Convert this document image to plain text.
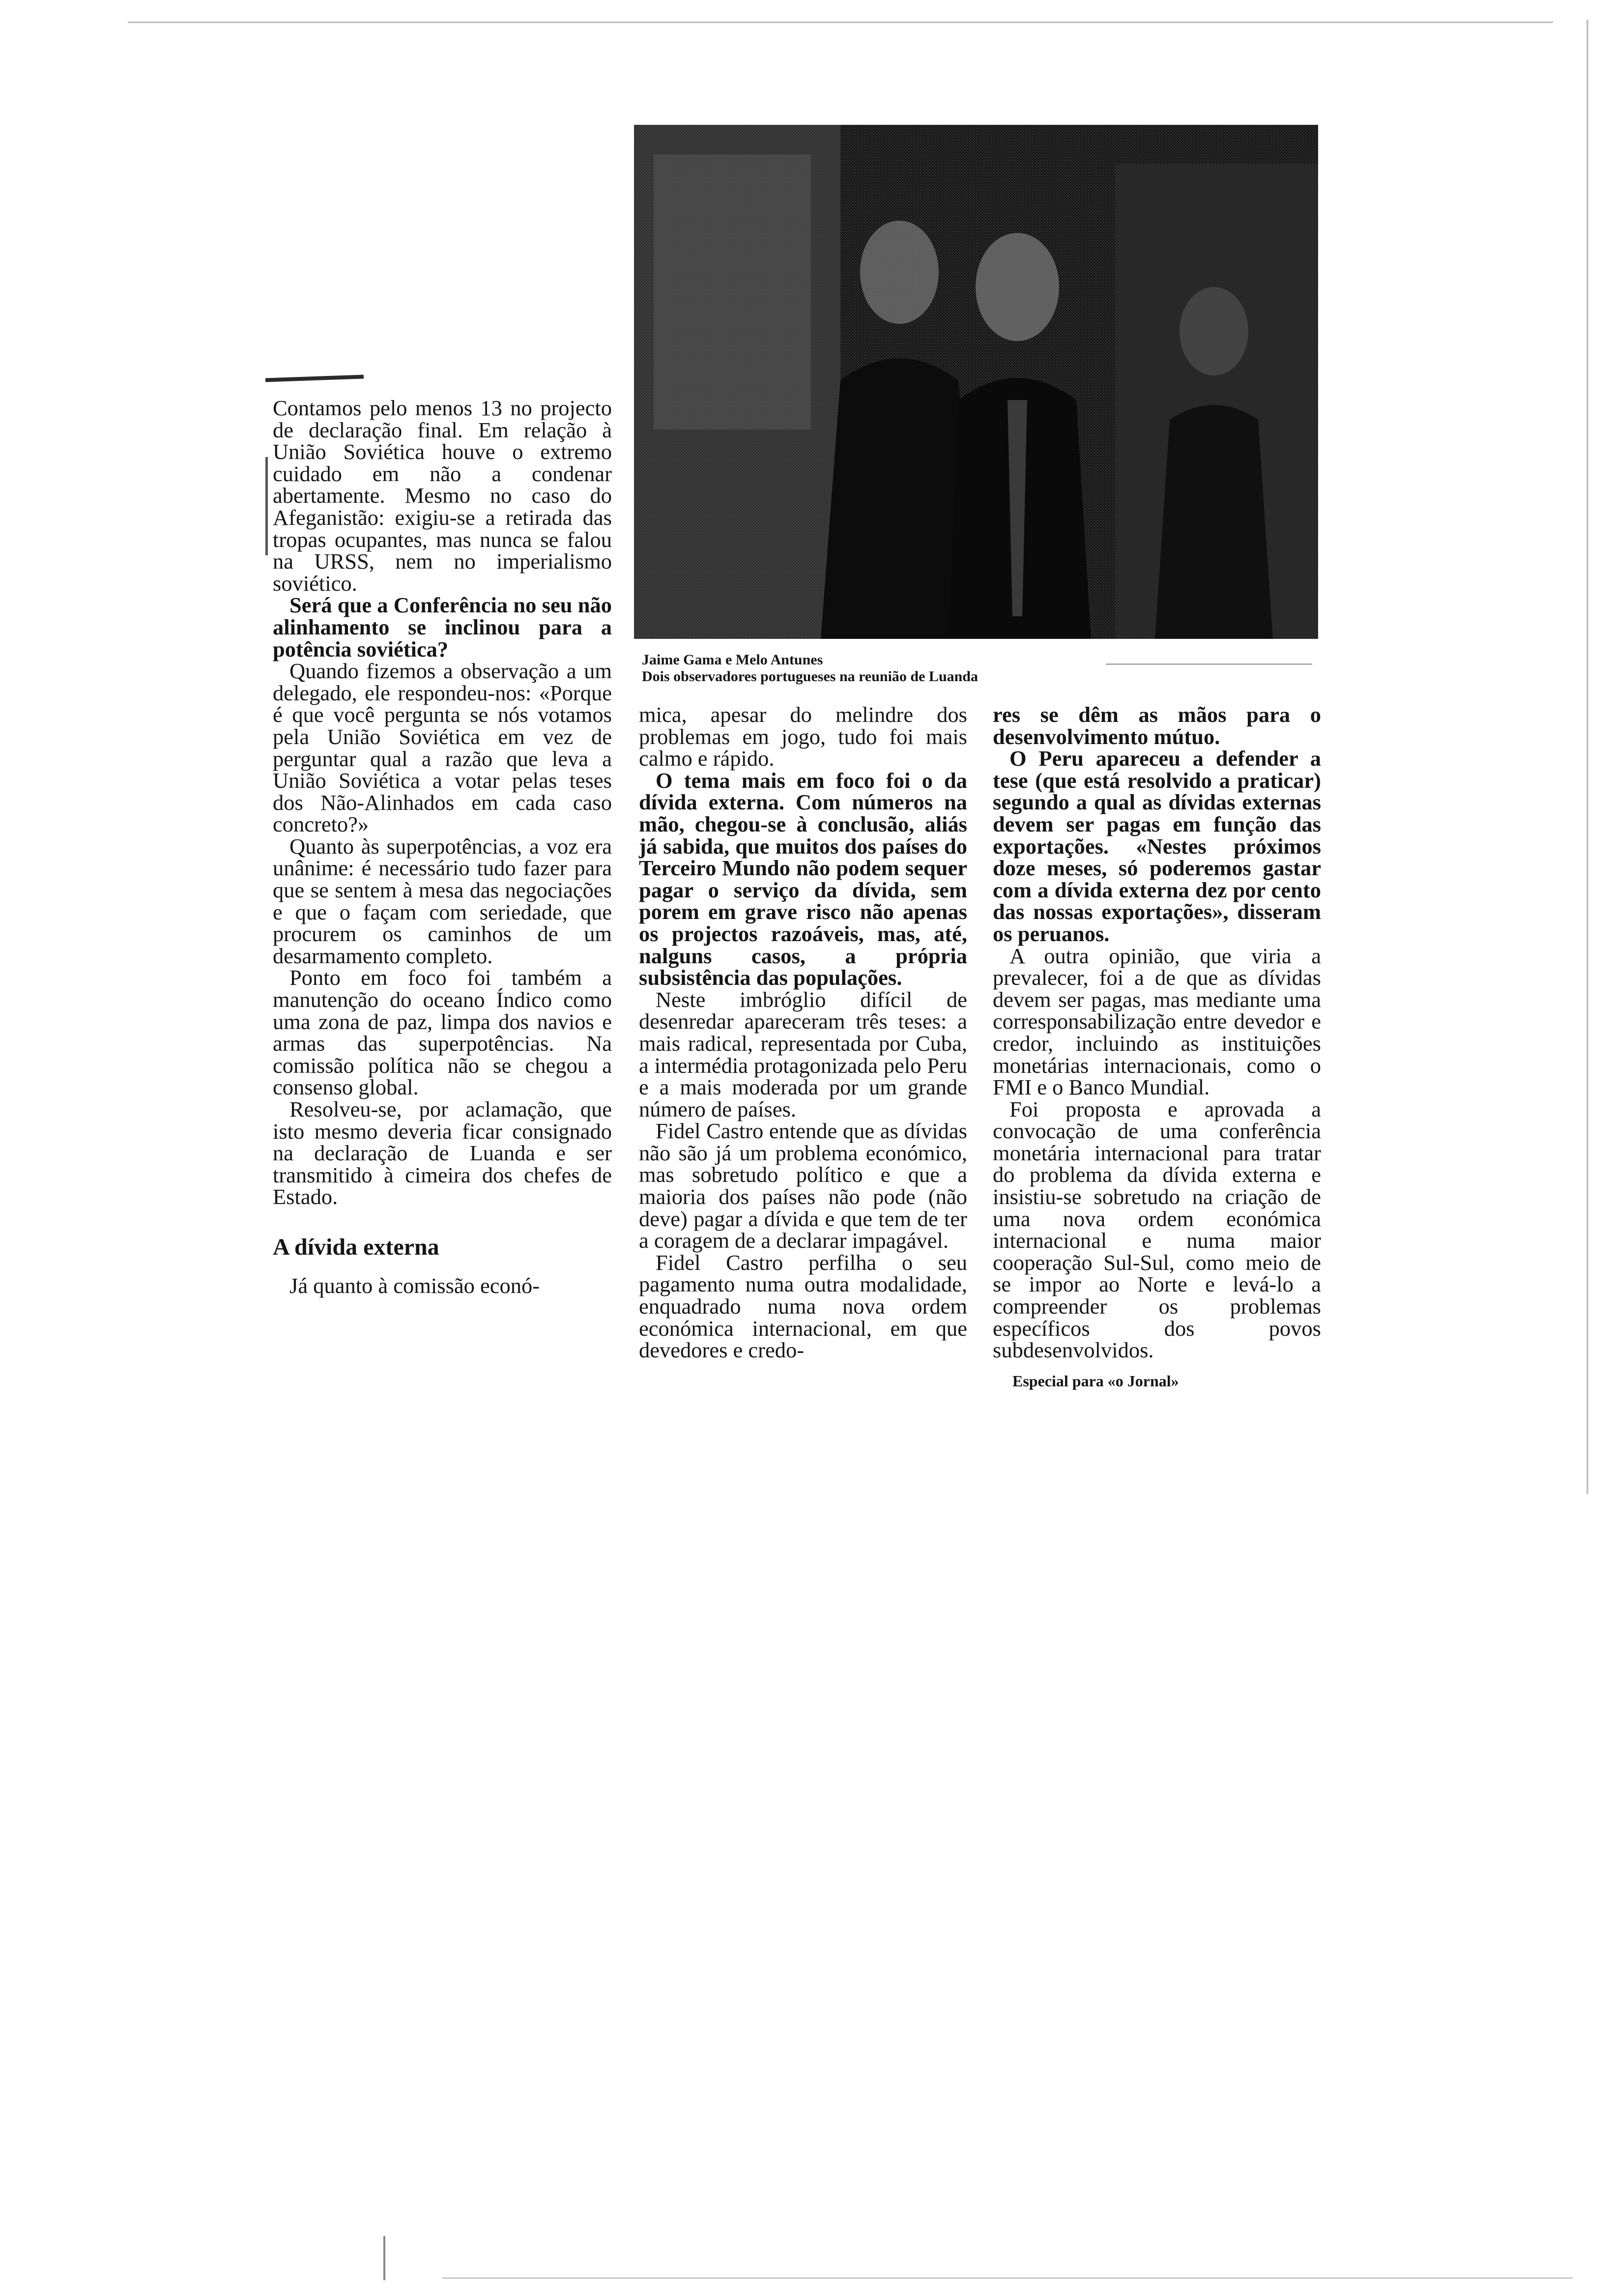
Contamos pelo menos 13 no projecto de declaração final. Em relação à União Soviética houve o extremo cuidado em não a condenar abertamente. Mesmo no caso do Afeganistão: exigiu-se a retirada das tropas ocupantes, mas nunca se falou na URSS, nem no imperialismo soviético.

Será que a Conferência no seu não alinhamento se inclinou para a potência soviética?

Quando fizemos a observação a um delegado, ele respondeu-nos: «Porque é que você pergunta se nós votamos pela União Soviética em vez de perguntar qual a razão que leva a União Soviética a votar pelas teses dos Não-Alinhados em cada caso concreto?»

Quanto às superpotências, a voz era unânime: é necessário tudo fazer para que se sentem à mesa das negociações e que o façam com seriedade, que procurem os caminhos de um desarmamento completo.

Ponto em foco foi também a manutenção do oceano Índico como uma zona de paz, limpa dos navios e armas das superpotências. Na comissão política não se chegou a consenso global.

Resolveu-se, por aclamação, que isto mesmo deveria ficar consignado na declaração de Luanda e ser transmitido à cimeira dos chefes de Estado.

A dívida externa

Já quanto à comissão econó-

Jaime Gama e Melo Antunes
Dois observadores portugueses na reunião de Luanda

mica, apesar do melindre dos problemas em jogo, tudo foi mais calmo e rápido.

O tema mais em foco foi o da dívida externa. Com números na mão, chegou-se à conclusão, aliás já sabida, que muitos dos países do Terceiro Mundo não podem sequer pagar o serviço da dívida, sem porem em grave risco não apenas os projectos razoáveis, mas, até, nalguns casos, a própria subsistência das populações.

Neste imbróglio difícil de desenredar apareceram três teses: a mais radical, representada por Cuba, a intermédia protagonizada pelo Peru e a mais moderada por um grande número de países.

Fidel Castro entende que as dívidas não são já um problema económico, mas sobretudo político e que a maioria dos países não pode (não deve) pagar a dívida e que tem de ter a coragem de a declarar impagável.

Fidel Castro perfilha o seu pagamento numa outra modalidade, enquadrado numa nova ordem económica internacional, em que devedores e credo-

res se dêm as mãos para o desenvolvimento mútuo.

O Peru apareceu a defender a tese (que está resolvido a praticar) segundo a qual as dívidas externas devem ser pagas em função das exportações. «Nestes próximos doze meses, só poderemos gastar com a dívida externa dez por cento das nossas exportações», disseram os peruanos.

A outra opinião, que viria a prevalecer, foi a de que as dívidas devem ser pagas, mas mediante uma corresponsabilização entre devedor e credor, incluindo as instituições monetárias internacionais, como o FMI e o Banco Mundial.

Foi proposta e aprovada a convocação de uma conferência monetária internacional para tratar do problema da dívida externa e insistiu-se sobretudo na criação de uma nova ordem económica internacional e numa maior cooperação Sul-Sul, como meio de se impor ao Norte e levá-lo a compreender os problemas específicos dos povos subdesenvolvidos.

Especial para «o Jornal»
